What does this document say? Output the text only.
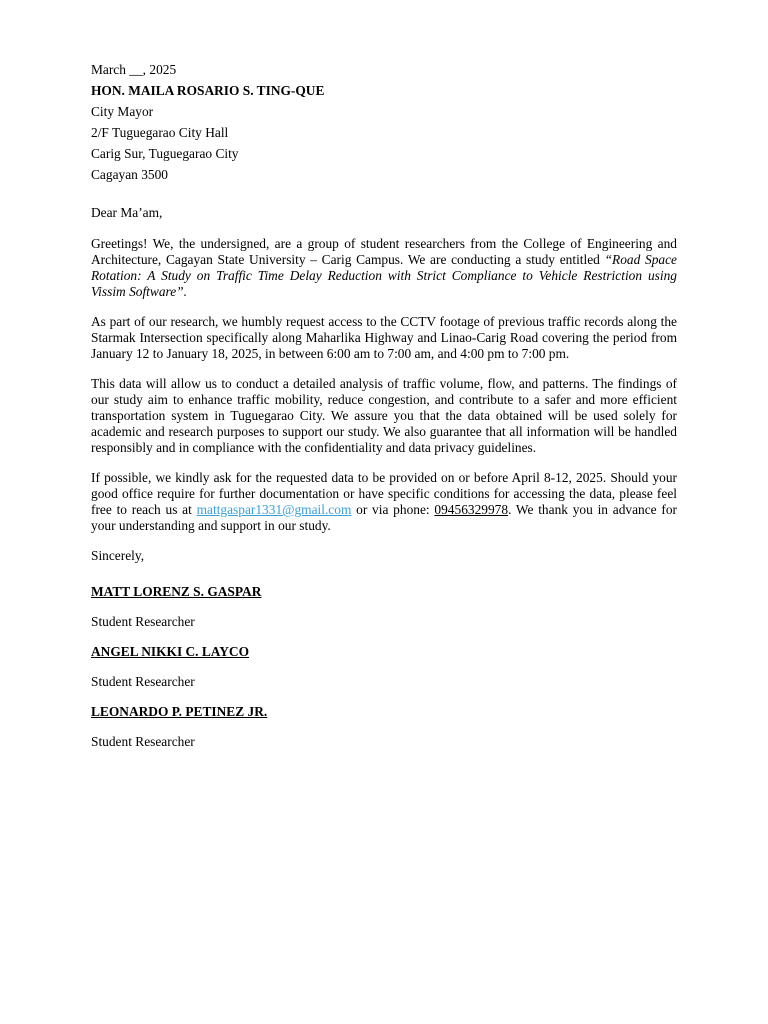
March __, 2025

HON. MAILA ROSARIO S. TING-QUE

City Mayor

2/F Tuguegarao City Hall

Carig Sur, Tuguegarao City

Cagayan 3500

Dear Ma’am,

Greetings! We, the undersigned, are a group of student researchers from the College of Engineering and Architecture, Cagayan State University – Carig Campus. We are conducting a study entitled “Road Space Rotation: A Study on Traffic Time Delay Reduction with Strict Compliance to Vehicle Restriction using Vissim Software”.

As part of our research, we humbly request access to the CCTV footage of previous traffic records along the Starmak Intersection specifically along Maharlika Highway and Linao-Carig Road covering the period from January 12 to January 18, 2025, in between 6:00 am to 7:00 am, and 4:00 pm to 7:00 pm.

This data will allow us to conduct a detailed analysis of traffic volume, flow, and patterns. The findings of our study aim to enhance traffic mobility, reduce congestion, and contribute to a safer and more efficient transportation system in Tuguegarao City. We assure you that the data obtained will be used solely for academic and research purposes to support our study. We also guarantee that all information will be handled responsibly and in compliance with the confidentiality and data privacy guidelines.

If possible, we kindly ask for the requested data to be provided on or before April 8-12, 2025. Should your good office require for further documentation or have specific conditions for accessing the data, please feel free to reach us at mattgaspar1331@gmail.com or via phone: 09456329978. We thank you in advance for your understanding and support in our study.

Sincerely,

MATT LORENZ S. GASPAR

Student Researcher

ANGEL NIKKI C. LAYCO

Student Researcher

LEONARDO P. PETINEZ JR.

Student Researcher
